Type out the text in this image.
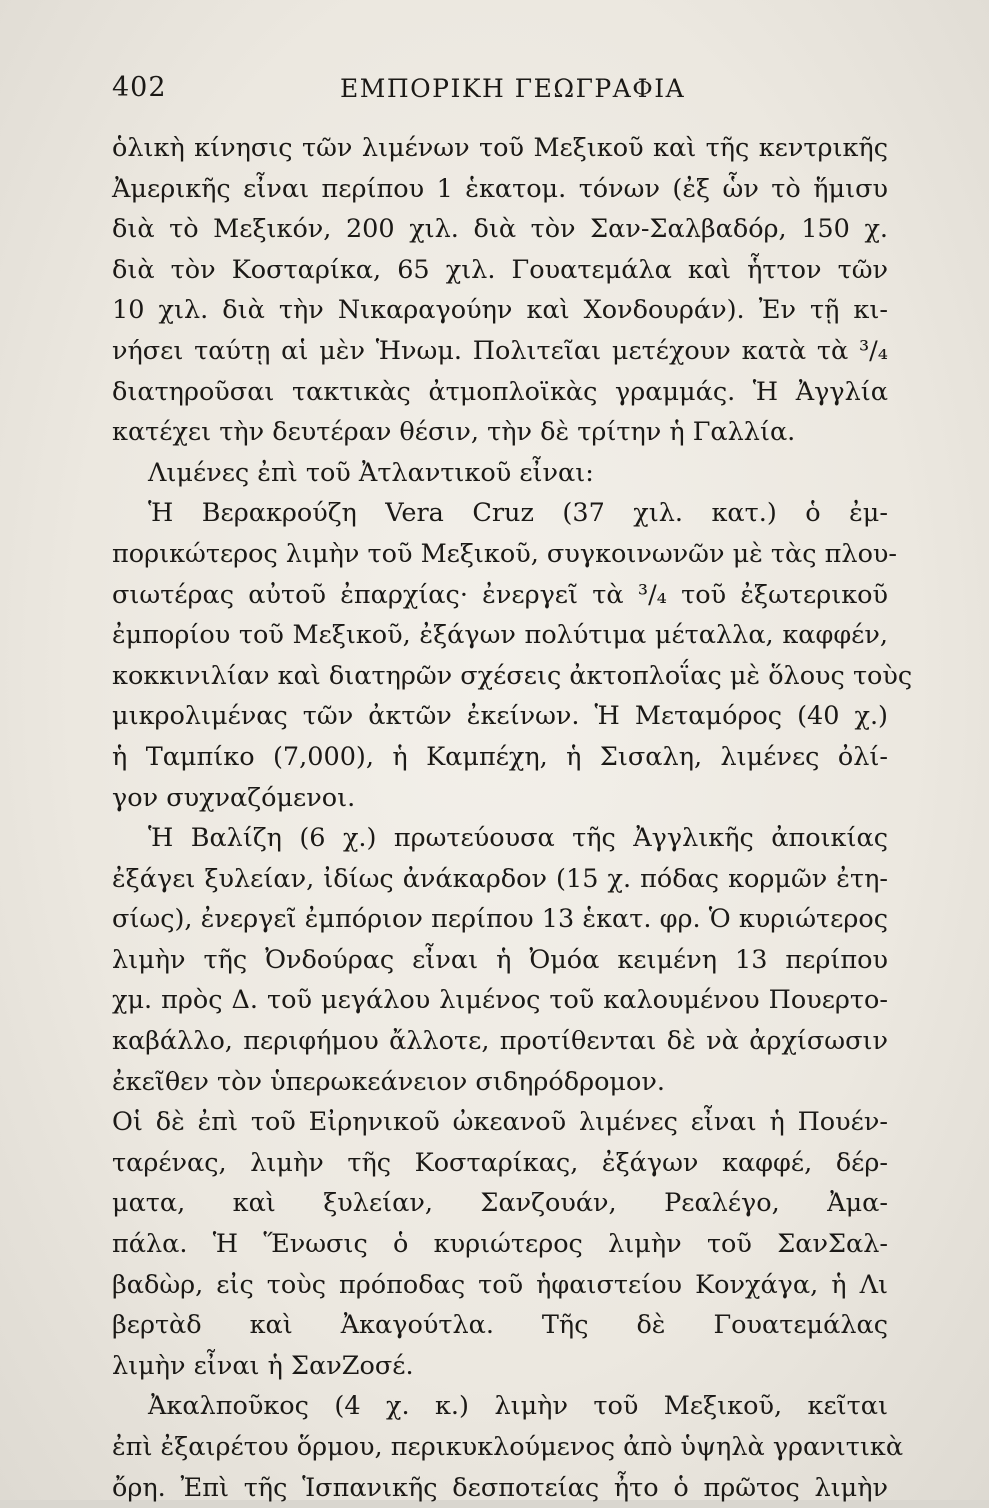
402	ΕΜΠΟΡΙΚΗ ΓΕΩΓΡΑΦΙΑ
ὁλικὴ κίνησις τῶν λιμένων τοῦ Μεξικοῦ καὶ τῆς κεντρικῆς
Ἀμερικῆς εἶναι περίπου 1 ἑκατομ. τόνων (ἐξ ὧν τὸ ἥμισυ
διὰ τὸ Μεξικόν, 200 χιλ. διὰ τὸν Σαν-Σαλβαδόρ, 150 χ.
διὰ τὸν Κοσταρίκα, 65 χιλ. Γουατεμάλα καὶ ἧττον τῶν
10 χιλ. διὰ τὴν Νικαραγούην καὶ Χονδουράν). Ἐν τῇ κι-
νήσει ταύτῃ αἱ μὲν Ἡνωμ. Πολιτεῖαι μετέχουν κατὰ τὰ ³/₄
διατηροῦσαι τακτικὰς ἀτμοπλοϊκὰς γραμμάς. Ἡ Ἀγγλία
κατέχει τὴν δευτέραν θέσιν, τὴν δὲ τρίτην ἡ Γαλλία.
Λιμένες ἐπὶ τοῦ Ἀτλαντικοῦ εἶναι:
Ἡ Βερακρούζη Vera Cruz (37 χιλ. κατ.) ὁ ἐμ-
πορικώτερος λιμὴν τοῦ Μεξικοῦ, συγκοινωνῶν μὲ τὰς πλου-
σιωτέρας αὐτοῦ ἐπαρχίας· ἐνεργεῖ τὰ ³/₄ τοῦ ἐξωτερικοῦ
ἐμπορίου τοῦ Μεξικοῦ, ἐξάγων πολύτιμα μέταλλα, καφφέν,
κοκκινιλίαν καὶ διατηρῶν σχέσεις ἀκτοπλοΐας μὲ ὅλους τοὺς
μικρολιμένας τῶν ἀκτῶν ἐκείνων. Ἡ Μεταμόρος (40 χ.)
ἡ Ταμπίκο (7,000), ἡ Καμπέχη, ἡ Σισαλη, λιμένες ὀλί-
γον συχναζόμενοι.
Ἡ Βαλίζη (6 χ.) πρωτεύουσα τῆς Ἀγγλικῆς ἀποικίας
ἐξάγει ξυλείαν, ἰδίως ἀνάκαρδον (15 χ. πόδας κορμῶν ἐτη-
σίως), ἐνεργεῖ ἐμπόριον περίπου 13 ἑκατ. φρ. Ὁ κυριώτερος
λιμὴν τῆς Ὀνδούρας εἶναι ἡ Ὀμόα κειμένη 13 περίπου
χμ. πρὸς Δ. τοῦ μεγάλου λιμένος τοῦ καλουμένου Πουερτο-
καβάλλο, περιφήμου ἄλλοτε, προτίθενται δὲ νὰ ἀρχίσωσιν
ἐκεῖθεν τὸν ὑπερωκεάνειον σιδηρόδρομον.
Οἱ δὲ ἐπὶ τοῦ Εἰρηνικοῦ ὠκεανοῦ λιμένες εἶναι ἡ Πουέν-
ταρένας, λιμὴν τῆς Κοσταρίκας, ἐξάγων καφφέ, δέρ-
ματα, καὶ ξυλείαν, Σανζουάν, Ρεαλέγο, Ἀμα-
πάλα. Ἡ Ἕνωσις ὁ κυριώτερος λιμὴν τοῦ ΣανΣαλ-
βαδὼρ, εἰς τοὺς πρόποδας τοῦ ἡφαιστείου Κονχάγα, ἡ Λι
βερτὰδ καὶ Ἀκαγούτλα. Τῆς δὲ Γουατεμάλας
λιμὴν εἶναι ἡ ΣανΖοσέ.
Ἀκαλποῦκος (4 χ. κ.) λιμὴν τοῦ Μεξικοῦ, κεῖται
ἐπὶ ἐξαιρέτου ὅρμου, περικυκλούμενος ἀπὸ ὑψηλὰ γρανιτικὰ
ὄρη. Ἐπὶ τῆς Ἱσπανικῆς δεσποτείας ἦτο ὁ πρῶτος λιμὴν
